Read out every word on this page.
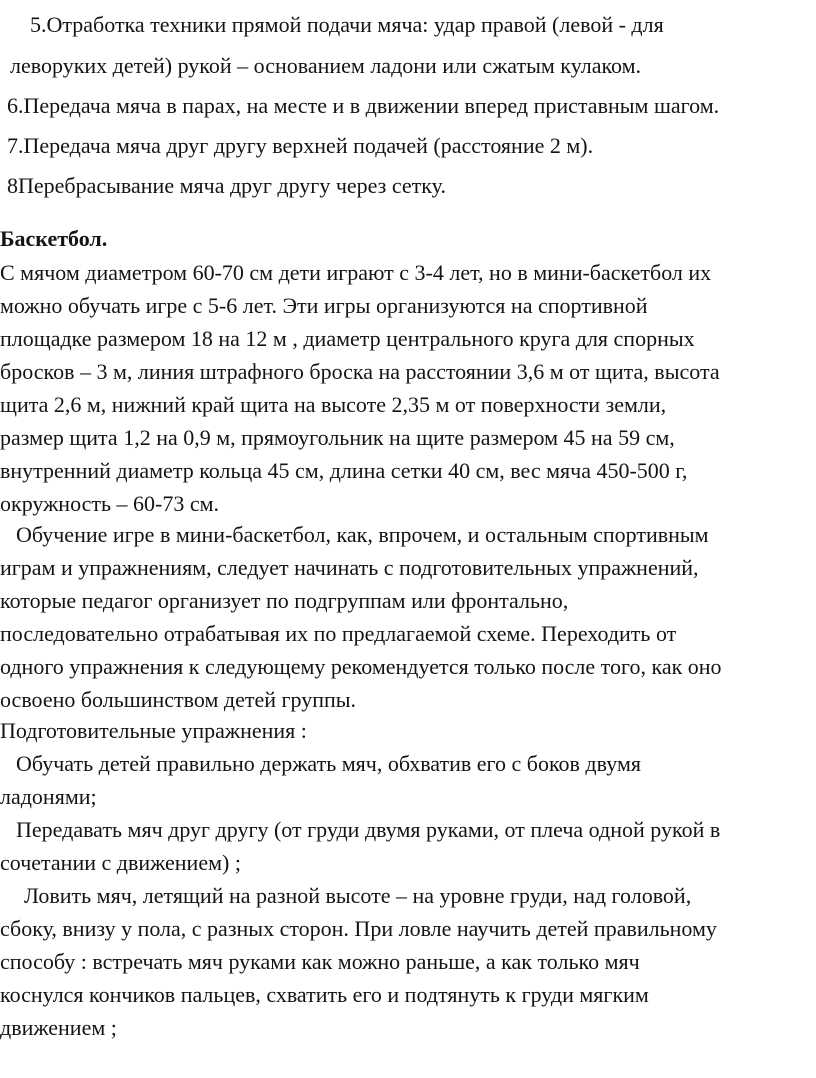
5.Отработка техники прямой подачи мяча: удар правой (левой - для
леворуких детей) рукой – основанием ладони или сжатым кулаком.
6.Передача мяча в парах, на месте и в движении вперед приставным шагом.
7.Передача мяча друг другу верхней подачей (расстояние 2 м).
8Перебрасывание мяча друг другу через сетку.
Баскетбол.
С мячом диаметром 60-70 см дети играют с 3-4 лет, но в мини-баскетбол их
можно обучать игре с 5-6 лет. Эти игры организуются на спортивной
площадке размером 18 на 12 м , диаметр центрального круга для спорных
бросков – 3 м, линия штрафного броска на расстоянии 3,6 м от щита, высота
щита 2,6 м, нижний край щита на высоте 2,35 м от поверхности земли,
размер щита 1,2 на 0,9 м, прямоугольник на щите размером 45 на 59 см,
внутренний диаметр кольца 45 см, длина сетки 40 см, вес мяча 450-500 г,
окружность – 60-73 см.
Обучение игре в мини-баскетбол, как, впрочем, и остальным спортивным
играм и упражнениям, следует начинать с подготовительных упражнений,
которые педагог организует по подгруппам или фронтально,
последовательно отрабатывая их по предлагаемой схеме. Переходить от
одного упражнения к следующему рекомендуется только после того, как оно
освоено большинством детей группы.
Подготовительные упражнения :
Обучать детей правильно держать мяч, обхватив его с боков двумя
ладонями;
Передавать мяч друг другу (от груди двумя руками, от плеча одной рукой в
сочетании с движением) ;
Ловить мяч, летящий на разной высоте – на уровне груди, над головой,
сбоку, внизу у пола, с разных сторон. При ловле научить детей правильному
способу : встречать мяч руками как можно раньше, а как только мяч
коснулся кончиков пальцев, схватить его и подтянуть к груди мягким
движением ;
